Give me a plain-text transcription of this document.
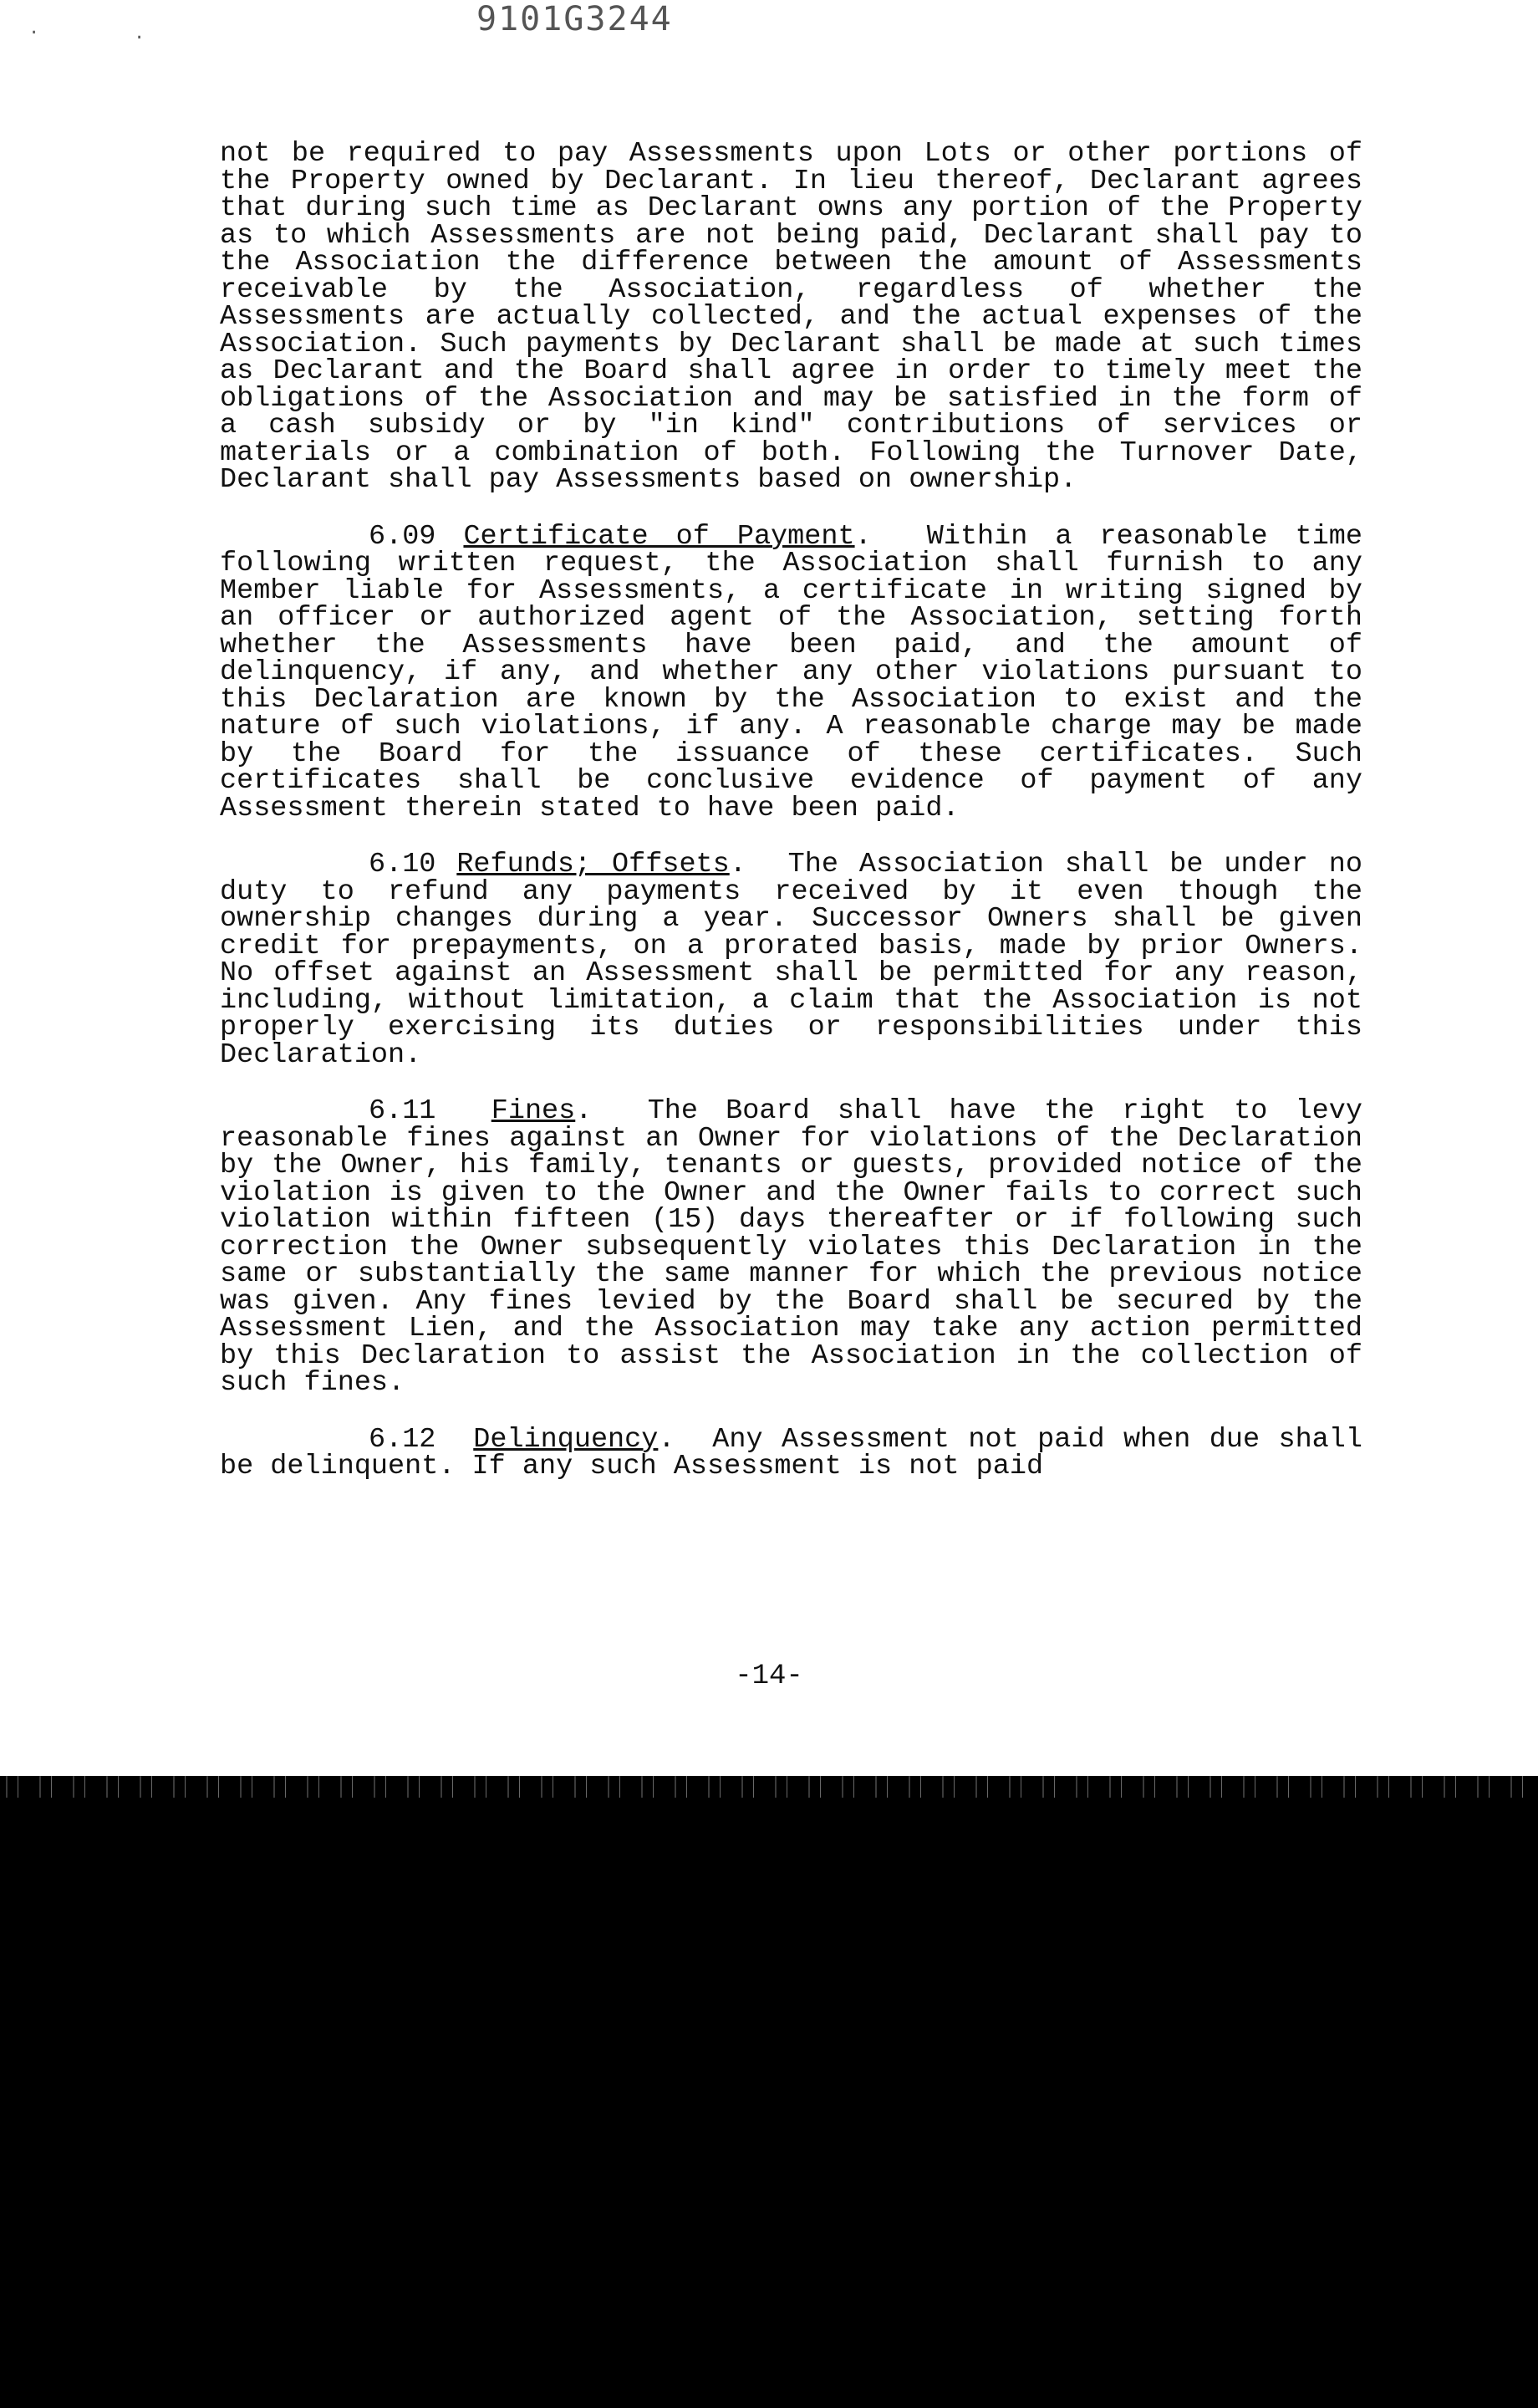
9101G3244
.	.

not be required to pay Assessments upon Lots or other portions of the Property owned by Declarant. In lieu thereof, Declarant agrees that during such time as Declarant owns any portion of the Property as to which Assessments are not being paid, Declarant shall pay to the Association the difference between the amount of Assessments receivable by the Association, regardless of whether the Assessments are actually collected, and the actual expenses of the Association. Such payments by Declarant shall be made at such times as Declarant and the Board shall agree in order to timely meet the obligations of the Association and may be satisfied in the form of a cash subsidy or by "in kind" contributions of services or materials or a combination of both. Following the Turnover Date, Declarant shall pay Assessments based on ownership.

6.09 Certificate of Payment.  Within a reasonable time following written request, the Association shall furnish to any Member liable for Assessments, a certificate in writing signed by an officer or authorized agent of the Association, setting forth whether the Assessments have been paid, and the amount of delinquency, if any, and whether any other violations pursuant to this Declaration are known by the Association to exist and the nature of such violations, if any. A reasonable charge may be made by the Board for the issuance of these certificates. Such certificates shall be conclusive evidence of payment of any Assessment therein stated to have been paid.

6.10 Refunds; Offsets.  The Association shall be under no duty to refund any payments received by it even though the ownership changes during a year. Successor Owners shall be given credit for prepayments, on a prorated basis, made by prior Owners. No offset against an Assessment shall be permitted for any reason, including, without limitation, a claim that the Association is not properly exercising its duties or responsibilities under this Declaration.

6.11 Fines.  The Board shall have the right to levy reasonable fines against an Owner for violations of the Declaration by the Owner, his family, tenants or guests, provided notice of the violation is given to the Owner and the Owner fails to correct such violation within fifteen (15) days thereafter or if following such correction the Owner subsequently violates this Declaration in the same or substantially the same manner for which the previous notice was given. Any fines levied by the Board shall be secured by the Assessment Lien, and the Association may take any action permitted by this Declaration to assist the Association in the collection of such fines.

6.12 Delinquency.  Any Assessment not paid when due shall be delinquent. If any such Assessment is not paid

-14-
